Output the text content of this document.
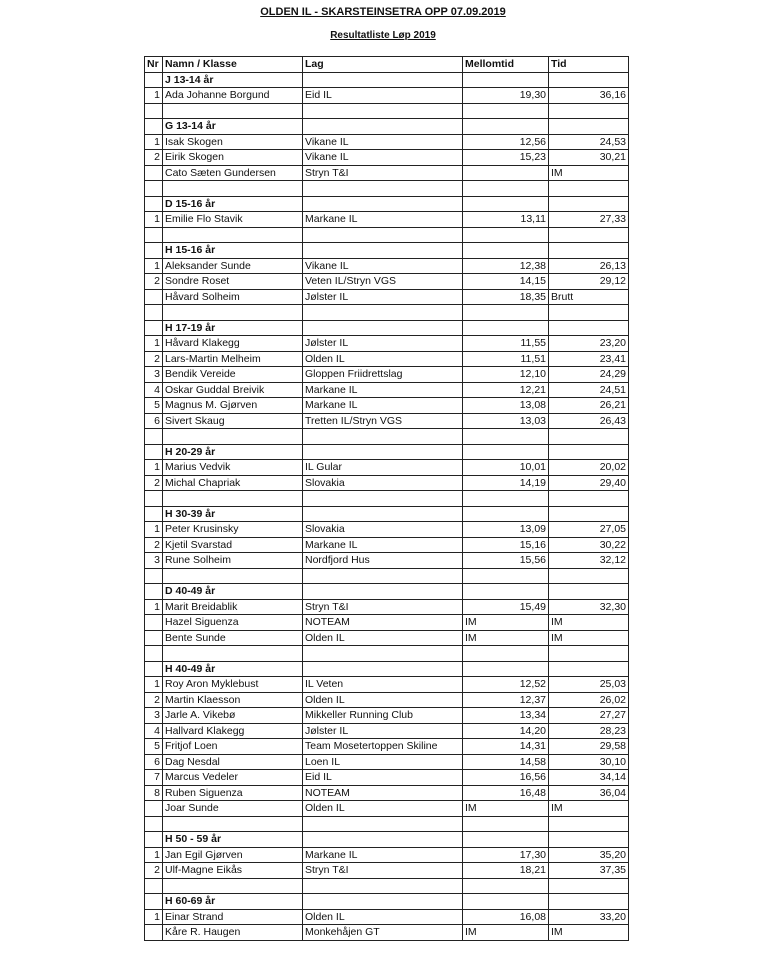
OLDEN IL - SKARSTEINSETRA OPP 07.09.2019
Resultatliste Løp 2019
Nr	Namn / Klasse	Lag	Mellomtid	Tid
	J 13-14 år			
1	Ada Johanne Borgund	Eid IL	19,30	36,16

	G 13-14 år			
1	Isak Skogen	Vikane IL	12,56	24,53
2	Eirik Skogen	Vikane IL	15,23	30,21
	Cato Sæten Gundersen	Stryn T&I		IM

	D 15-16 år			
1	Emilie Flo Stavik	Markane IL	13,11	27,33

	H 15-16 år			
1	Aleksander Sunde	Vikane IL	12,38	26,13
2	Sondre Roset	Veten IL/Stryn VGS	14,15	29,12
	Håvard Solheim	Jølster IL	18,35	Brutt

	H 17-19 år			
1	Håvard Klakegg	Jølster IL	11,55	23,20
2	Lars-Martin Melheim	Olden IL	11,51	23,41
3	Bendik Vereide	Gloppen Friidrettslag	12,10	24,29
4	Oskar Guddal Breivik	Markane IL	12,21	24,51
5	Magnus M. Gjørven	Markane IL	13,08	26,21
6	Sivert Skaug	Tretten IL/Stryn VGS	13,03	26,43

	H 20-29 år			
1	Marius Vedvik	IL Gular	10,01	20,02
2	Michal Chapriak	Slovakia	14,19	29,40

	H 30-39 år			
1	Peter Krusinsky	Slovakia	13,09	27,05
2	Kjetil Svarstad	Markane IL	15,16	30,22
3	Rune Solheim	Nordfjord Hus	15,56	32,12

	D 40-49 år			
1	Marit Breidablik	Stryn T&I	15,49	32,30
	Hazel Siguenza	NOTEAM	IM	IM
	Bente Sunde	Olden IL	IM	IM

	H 40-49 år			
1	Roy Aron Myklebust	IL Veten	12,52	25,03
2	Martin Klaesson	Olden IL	12,37	26,02
3	Jarle A. Vikebø	Mikkeller Running Club	13,34	27,27
4	Hallvard Klakegg	Jølster IL	14,20	28,23
5	Fritjof Loen	Team Mosetertoppen Skiline	14,31	29,58
6	Dag Nesdal	Loen IL	14,58	30,10
7	Marcus Vedeler	Eid IL	16,56	34,14
8	Ruben Siguenza	NOTEAM	16,48	36,04
	Joar Sunde	Olden IL	IM	IM

	H 50 - 59 år			
1	Jan Egil Gjørven	Markane IL	17,30	35,20
2	Ulf-Magne Eikås	Stryn T&I	18,21	37,35

	H 60-69 år			
1	Einar Strand	Olden IL	16,08	33,20
	Kåre R. Haugen	Monkehåjen GT	IM	IM
